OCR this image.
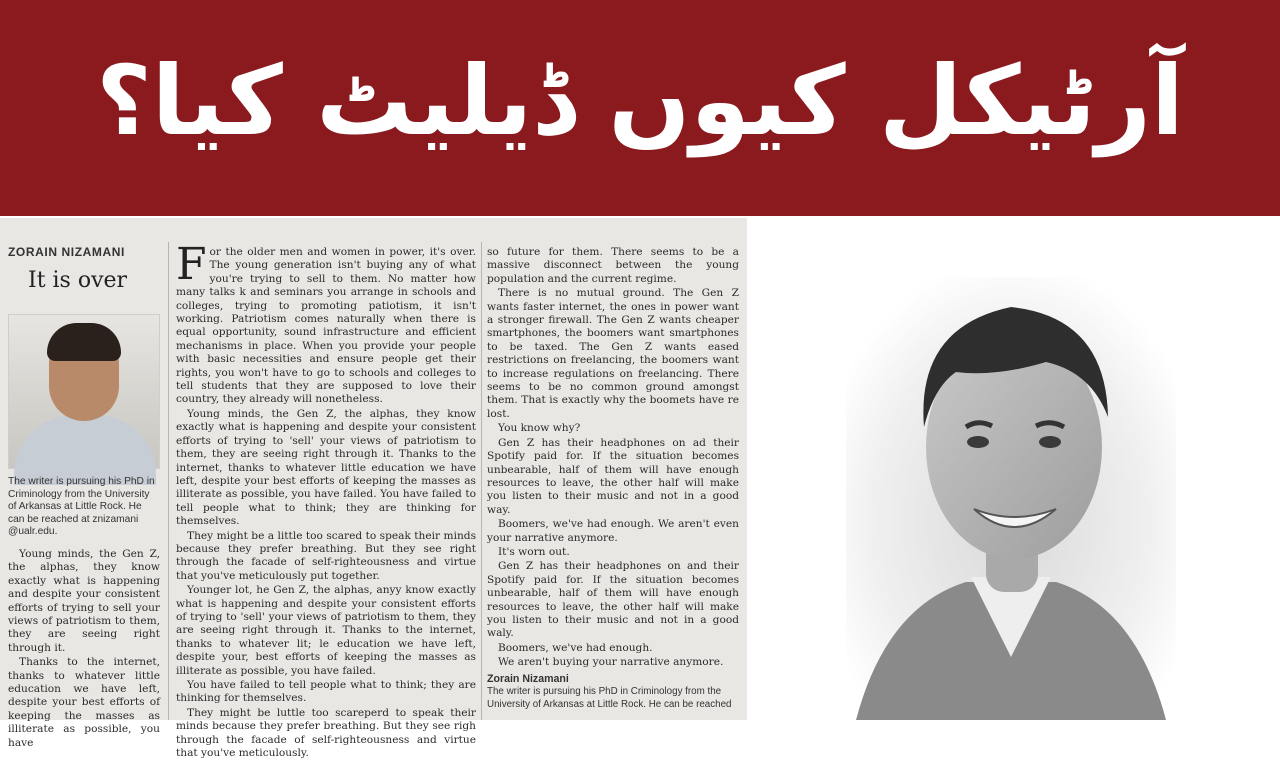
آرٹیکل کیوں ڈیلیٹ کیا؟
ZORAIN NIZAMANI
It is over
The writer is pursuing his PhD in Criminology from the University of Arkansas at Little Rock. He can be reached at znizamani @ualr.edu.

Young minds, the Gen Z, the alphas, they know exactly what is happening and despite your consistent efforts of trying to sell your views of patriotism to them, they are seeing right through it.

Thanks to the internet, thanks to whatever little education we have left, despite your best efforts of keeping the masses as illiterate as possible, you have

For the older men and women in power, it's over. The young generation isn't buying any of what you're trying to sell to them. No matter how many talks k and seminars you arrange in schools and colleges, trying to promoting patiotism, it isn't working. Patriotism comes naturally when there is equal opportunity, sound infrastructure and efficient mechanisms in place. When you provide your people with basic necessities and ensure people get their rights, you won't have to go to schools and colleges to tell students that they are supposed to love their country, they already will nonetheless.

Young minds, the Gen Z, the alphas, they know exactly what is happening and despite your consistent efforts of trying to 'sell' your views of patriotism to them, they are seeing right through it. Thanks to the internet, thanks to whatever little education we have left, despite your best efforts of keeping the masses as illiterate as possible, you have failed. You have failed to tell people what to think; they are thinking for themselves.

They might be a little too scared to speak their minds because they prefer breathing. But they see right through the facade of self-righteousness and virtue that you've meticulously put together.

Younger lot, he Gen Z, the alphas, anyy know exactly what is happening and despite your consistent efforts of trying to 'sell' your views of patriotism to them, they are seeing right through it. Thanks to the internet, thanks to whatever lit; le education we have left, despite your, best efforts of keeping the masses as illiterate as possible, you have failed.

You have failed to tell people what to think; they are thinking for themselves.

They might be luttle too scareperd to speak their minds because they prefer breathing. But they see righ through the facade of self-righteousness and virtue that you've meticulously.

so future for them. There seems to be a massive disconnect between the young population and the current regime.

There is no mutual ground. The Gen Z wants faster internet, the ones in power want a stronger firewall. The Gen Z wants cheaper smartphones, the boomers want smartphones to be taxed. The Gen Z wants eased restrictions on freelancing, the boomers want to increase regulations on freelancing. There seems to be no common ground amongst them. That is exactly why the boomets have re lost.

You know why?

Gen Z has their headphones on ad their Spotify paid for. If the situation becomes unbearable, half of them will have enough resources to leave, the other half will make you listen to their music and not in a good way.

Boomers, we've had enough. We aren't even your narrative anymore.

It's worn out.

Gen Z has their headphones on and their Spotify paid for. If the situation becomes unbearable, half of them will have enough resources to leave, the other half will make you listen to their music and not in a good waly.

Boomers, we've had enough.

We aren't buying your narrative anymore.

Zorain Nizamani
The writer is pursuing his PhD in Criminology from the University of Arkansas at Little Rock. He can be reached
